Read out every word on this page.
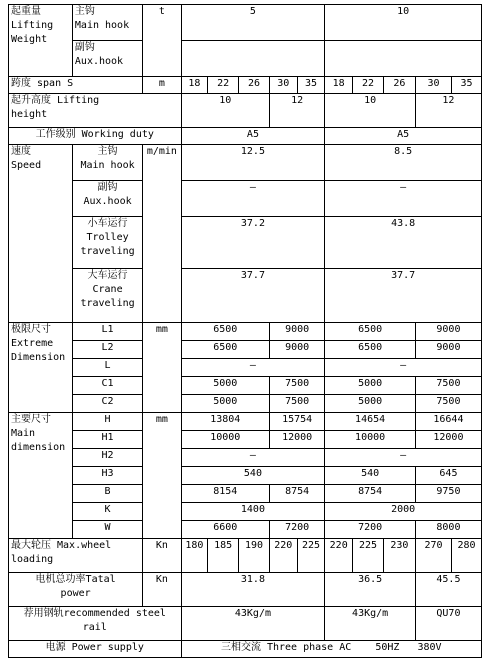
起重量
Lifting
Weight	主钩
Main hook	t	5					10				
	副钩
Aux.hook											
跨度 span S		m	18	22	26	30	35	18	22	26	30	35
起升高度 Lifting
height			10			12		10			12	
工作级别 Working duty			A5					A5				
速度
Speed	主钩
Main hook	m/min	12.5					8.5				
	副钩
Aux.hook		–					–				
	小车运行
Trolley
traveling		37.2					43.8				
	大车运行
Crane
traveling		37.7					37.7				
极限尺寸
Extreme
Dimension	L1	mm	6500			9000		6500			9000	
	L2		6500			9000		6500			9000	
	L		–					–				
	C1		5000			7500		5000			7500	
	C2		5000			7500		5000			7500	
主要尺寸
Main
dimension	H	mm	13804			15754		14654			16644	
	H1		10000			12000		10000			12000	
	H2		–					–				
	H3		540					540			645	
	B		8154			8754		8754			9750	
	K		1400					2000				
	W		6600			7200		7200			8000	
最大轮压 Max.wheel
loading		Kn	180	185	190	220	225	220	225	230	270	280
电机总功率Tatal
power		Kn	31.8					36.5			45.5	
荐用钢轨recommended steel
rail			43Kg/m					43Kg/m			QU70	
电源 Power supply			三相交流 Three phase AC    50HZ   380V									
